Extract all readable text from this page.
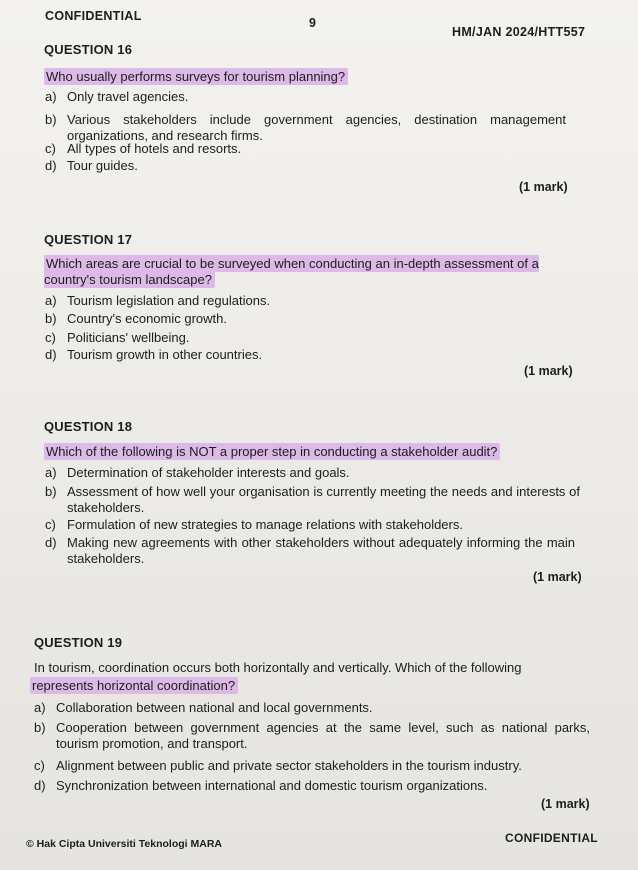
CONFIDENTIAL	9
HM/JAN 2024/HTT557
QUESTION 16
Who usually performs surveys for tourism planning?
a) Only travel agencies.
b) Various stakeholders include government agencies, destination management organizations, and research firms.
c) All types of hotels and resorts.
d) Tour guides.
(1 mark)
QUESTION 17
Which areas are crucial to be surveyed when conducting an in-depth assessment of a country's tourism landscape?
a) Tourism legislation and regulations.
b) Country's economic growth.
c) Politicians' wellbeing.
d) Tourism growth in other countries.
(1 mark)
QUESTION 18
Which of the following is NOT a proper step in conducting a stakeholder audit?
a) Determination of stakeholder interests and goals.
b) Assessment of how well your organisation is currently meeting the needs and interests of stakeholders.
c) Formulation of new strategies to manage relations with stakeholders.
d) Making new agreements with other stakeholders without adequately informing the main stakeholders.
(1 mark)
QUESTION 19
In tourism, coordination occurs both horizontally and vertically. Which of the following
represents horizontal coordination?
a) Collaboration between national and local governments.
b) Cooperation between government agencies at the same level, such as national parks, tourism promotion, and transport.
c) Alignment between public and private sector stakeholders in the tourism industry.
d) Synchronization between international and domestic tourism organizations.
(1 mark)
© Hak Cipta Universiti Teknologi MARA	CONFIDENTIAL
